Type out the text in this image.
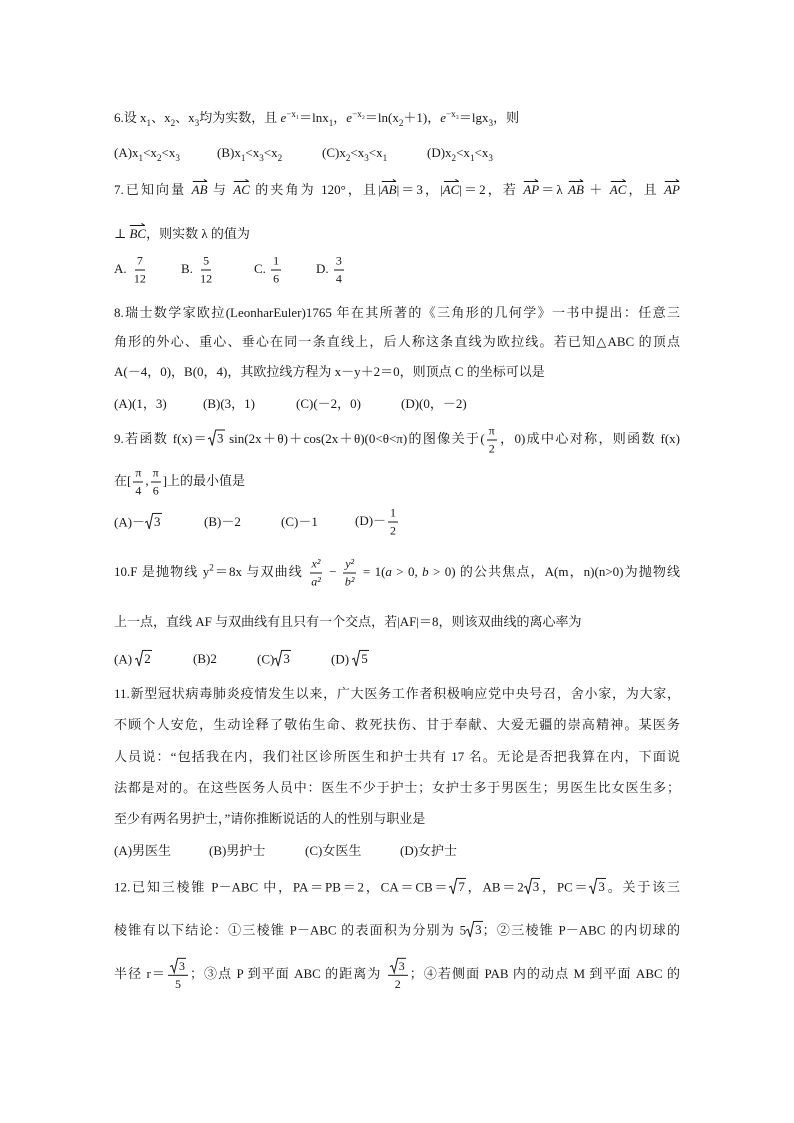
6.设 $x_1$、$x_2$、$x_3$均为实数，且 $e^{-x_1}=\ln x_1$，$e^{-x_2}=\ln(x_2+1)$，$e^{-x_3}=\lg x_3$，则
$(A)x_1<x_2<x_3$	$(B)x_1<x_3<x_2$	$(C)x_2<x_3<x_1$	$(D)x_2<x_1<x_3$
7.已知向量
AB 与
AC 的夹角为 120°，且|
AB|＝3，|
AC|＝2，若
AP＝λ
AB ＋
AC，且
AP
⊥
BC，则实数 λ 的值为
A. $\frac{7}{12}$	B. $\frac{5}{12}$	C. $\frac{1}{6}$	D. $\frac{3}{4}$
8.瑞士数学家欧拉(LeonharEuler)1765 年在其所著的《三角形的几何学》一书中提出：任意三
角形的外心、重心、垂心在同一条直线上，后人称这条直线为欧拉线。若已知△ABC 的顶点
A(－4，0)，B(0，4)，其欧拉线方程为 x－y＋2＝0，则顶点 C 的坐标可以是
(A)(1，3)	(B)(3，1)	(C)(－2，0)	(D)(0，－2)
9.若函数 f(x)＝ 3 sin(2x＋θ)＋cos(2x＋θ)(0<θ<π)的图像关于( $\frac{\pi}{2}$ ，0)成中心对称，则函数 f(x)
在[ $\frac{\pi}{4}$ , $\frac{\pi}{6}$ ]上的最小值是
(A)－ 3	(B)－2	(C)－1	$(D)- \frac{1}{2}$
10.F 是抛物线 $y^2=8x$ 与双曲线 $\frac{\text{x²}}{\text{a²}} - \frac{\text{y²}}{\text{b²}} = 1(a > 0$, b > 0) 的公共焦点，A(m，n)(n>0)为抛物线
上一点，直线 AF 与双曲线有且只有一个交点，若|AF|＝8，则该双曲线的离心率为
(A) 2	(B)2	(C) 3	(D) 5
11.新型冠状病毒肺炎疫情发生以来，广大医务工作者积极响应党中央号召，舍小家，为大家，
不顾个人安危，生动诠释了敬佑生命、救死扶伤、甘于奉献、大爱无疆的崇高精神。某医务
人员说：“包括我在内，我们社区诊所医生和护士共有 17 名。无论是否把我算在内，下面说
法都是对的。在这些医务人员中：医生不少于护士；女护士多于男医生；男医生比女医生多；
至少有两名男护士，”请你推断说话的人的性别与职业是
(A)男医生	(B)男护士	(C)女医生	(D)女护士
12.已知三棱锥 P－ABC 中，PA＝PB＝2，CA＝CB＝ 7 ，AB＝2 3 ，PC＝ 3 。关于该三
棱锥有以下结论：①三棱锥 P－ABC 的表面积为分别为 5 3 ；②三棱锥 P－ABC 的内切球的
半径 $r= \frac{3}{5}$ ；③点 P 到平面 ABC 的距离为 $\frac{3}{2}$ ；④若侧面 PAB 内的动点 M 到平面 ABC 的
